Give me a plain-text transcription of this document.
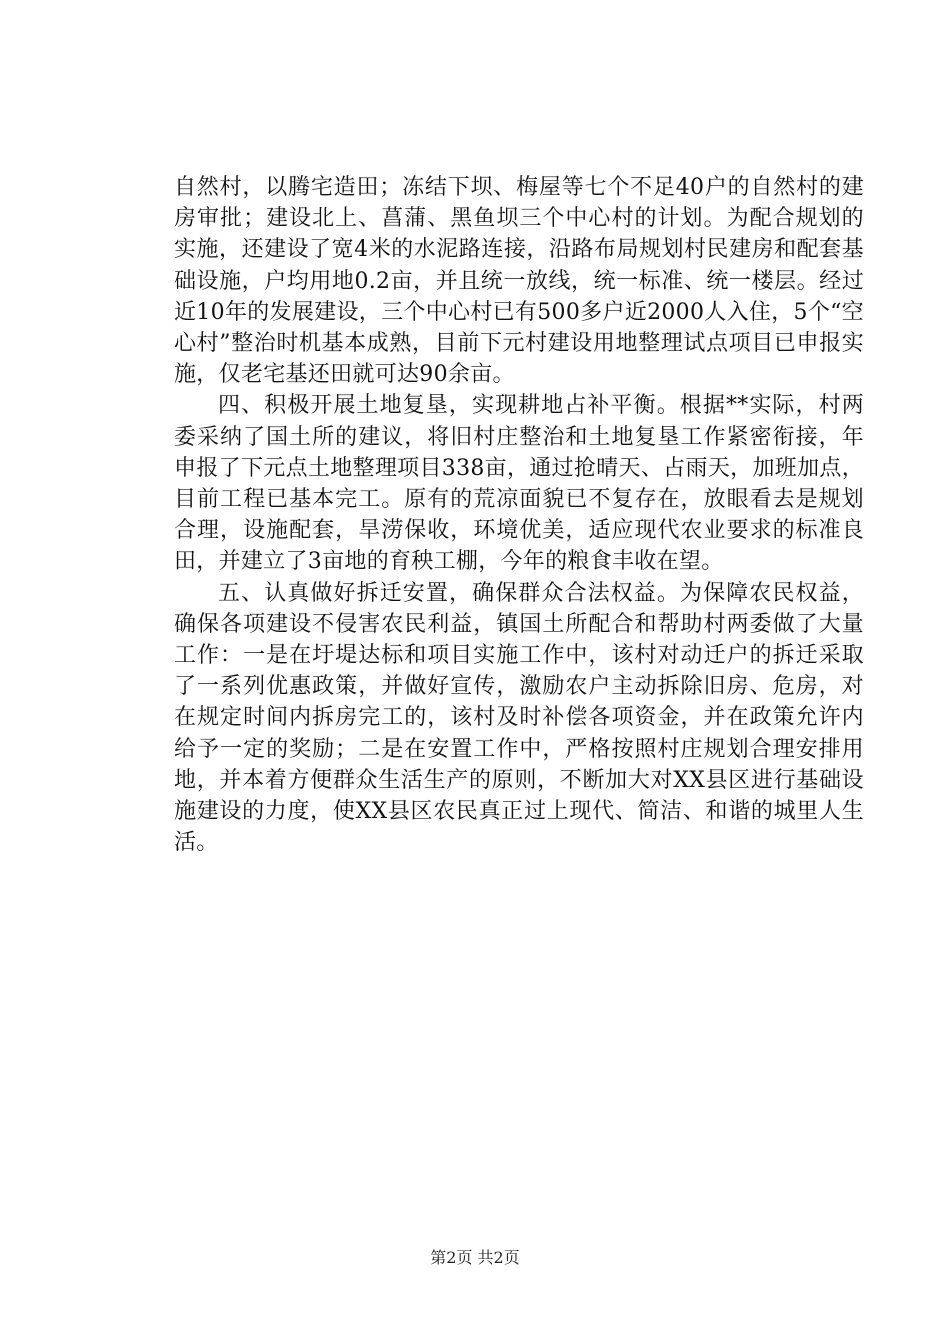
自然村，以腾宅造田；冻结下坝、梅屋等七个不足40户的自然村的建房审批；建设北上、菖蒲、黑鱼坝三个中心村的计划。为配合规划的实施，还建设了宽4米的水泥路连接，沿路布局规划村民建房和配套基础设施，户均用地0.2亩，并且统一放线，统一标准、统一楼层。经过近10年的发展建设，三个中心村已有500多户近2000人入住，5个“空心村”整治时机基本成熟，目前下元村建设用地整理试点项目已申报实施，仅老宅基还田就可达90余亩。

四、积极开展土地复垦，实现耕地占补平衡。根据**实际，村两委采纳了国土所的建议，将旧村庄整治和土地复垦工作紧密衔接，年申报了下元点土地整理项目338亩，通过抢晴天、占雨天，加班加点，目前工程已基本完工。原有的荒凉面貌已不复存在，放眼看去是规划合理，设施配套，旱涝保收，环境优美，适应现代农业要求的标准良田，并建立了3亩地的育秧工棚，今年的粮食丰收在望。

五、认真做好拆迁安置，确保群众合法权益。为保障农民权益，确保各项建设不侵害农民利益，镇国土所配合和帮助村两委做了大量工作：一是在圩堤达标和项目实施工作中，该村对动迁户的拆迁采取了一系列优惠政策，并做好宣传，激励农户主动拆除旧房、危房，对在规定时间内拆房完工的，该村及时补偿各项资金，并在政策允许内给予一定的奖励；二是在安置工作中，严格按照村庄规划合理安排用地，并本着方便群众生活生产的原则，不断加大对XX县区进行基础设施建设的力度，使XX县区农民真正过上现代、简洁、和谐的城里人生活。

第2页 共2页
